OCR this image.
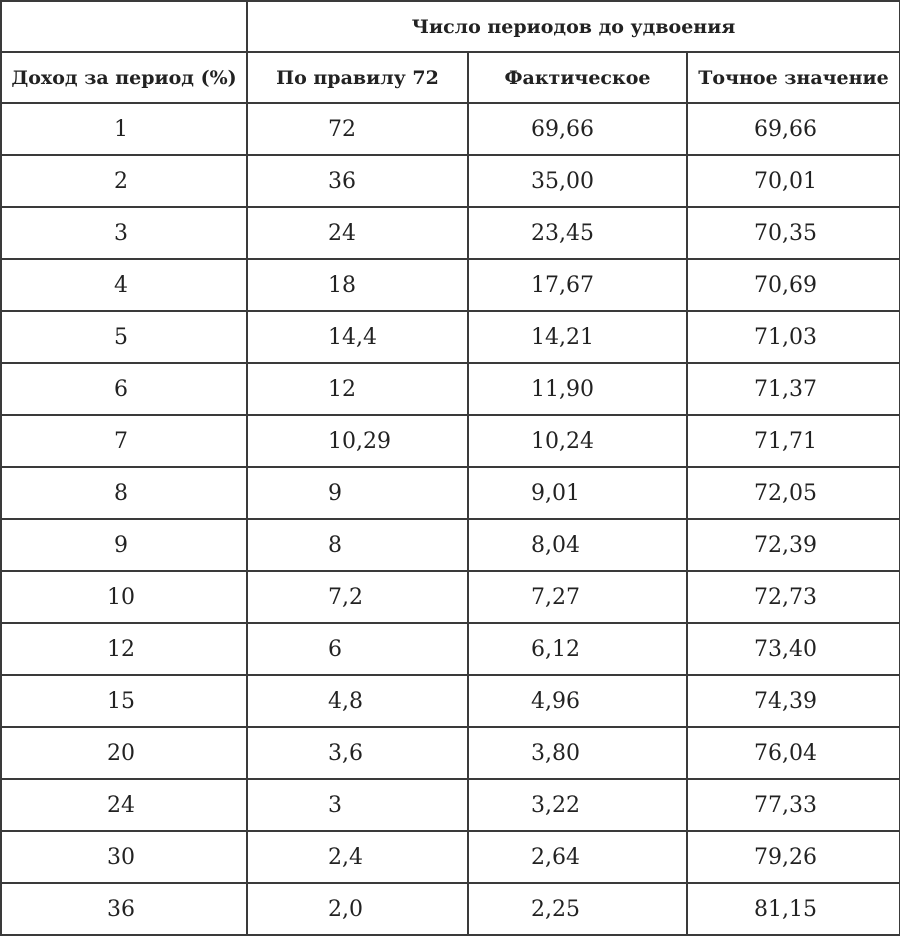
	Число периодов до удвоения		
Доход за период (%)	По правилу 72	Фактическое	Точное значение
1	72	69,66	69,66
2	36	35,00	70,01
3	24	23,45	70,35
4	18	17,67	70,69
5	14,4	14,21	71,03
6	12	11,90	71,37
7	10,29	10,24	71,71
8	9	9,01	72,05
9	8	8,04	72,39
10	7,2	7,27	72,73
12	6	6,12	73,40
15	4,8	4,96	74,39
20	3,6	3,80	76,04
24	3	3,22	77,33
30	2,4	2,64	79,26
36	2,0	2,25	81,15
